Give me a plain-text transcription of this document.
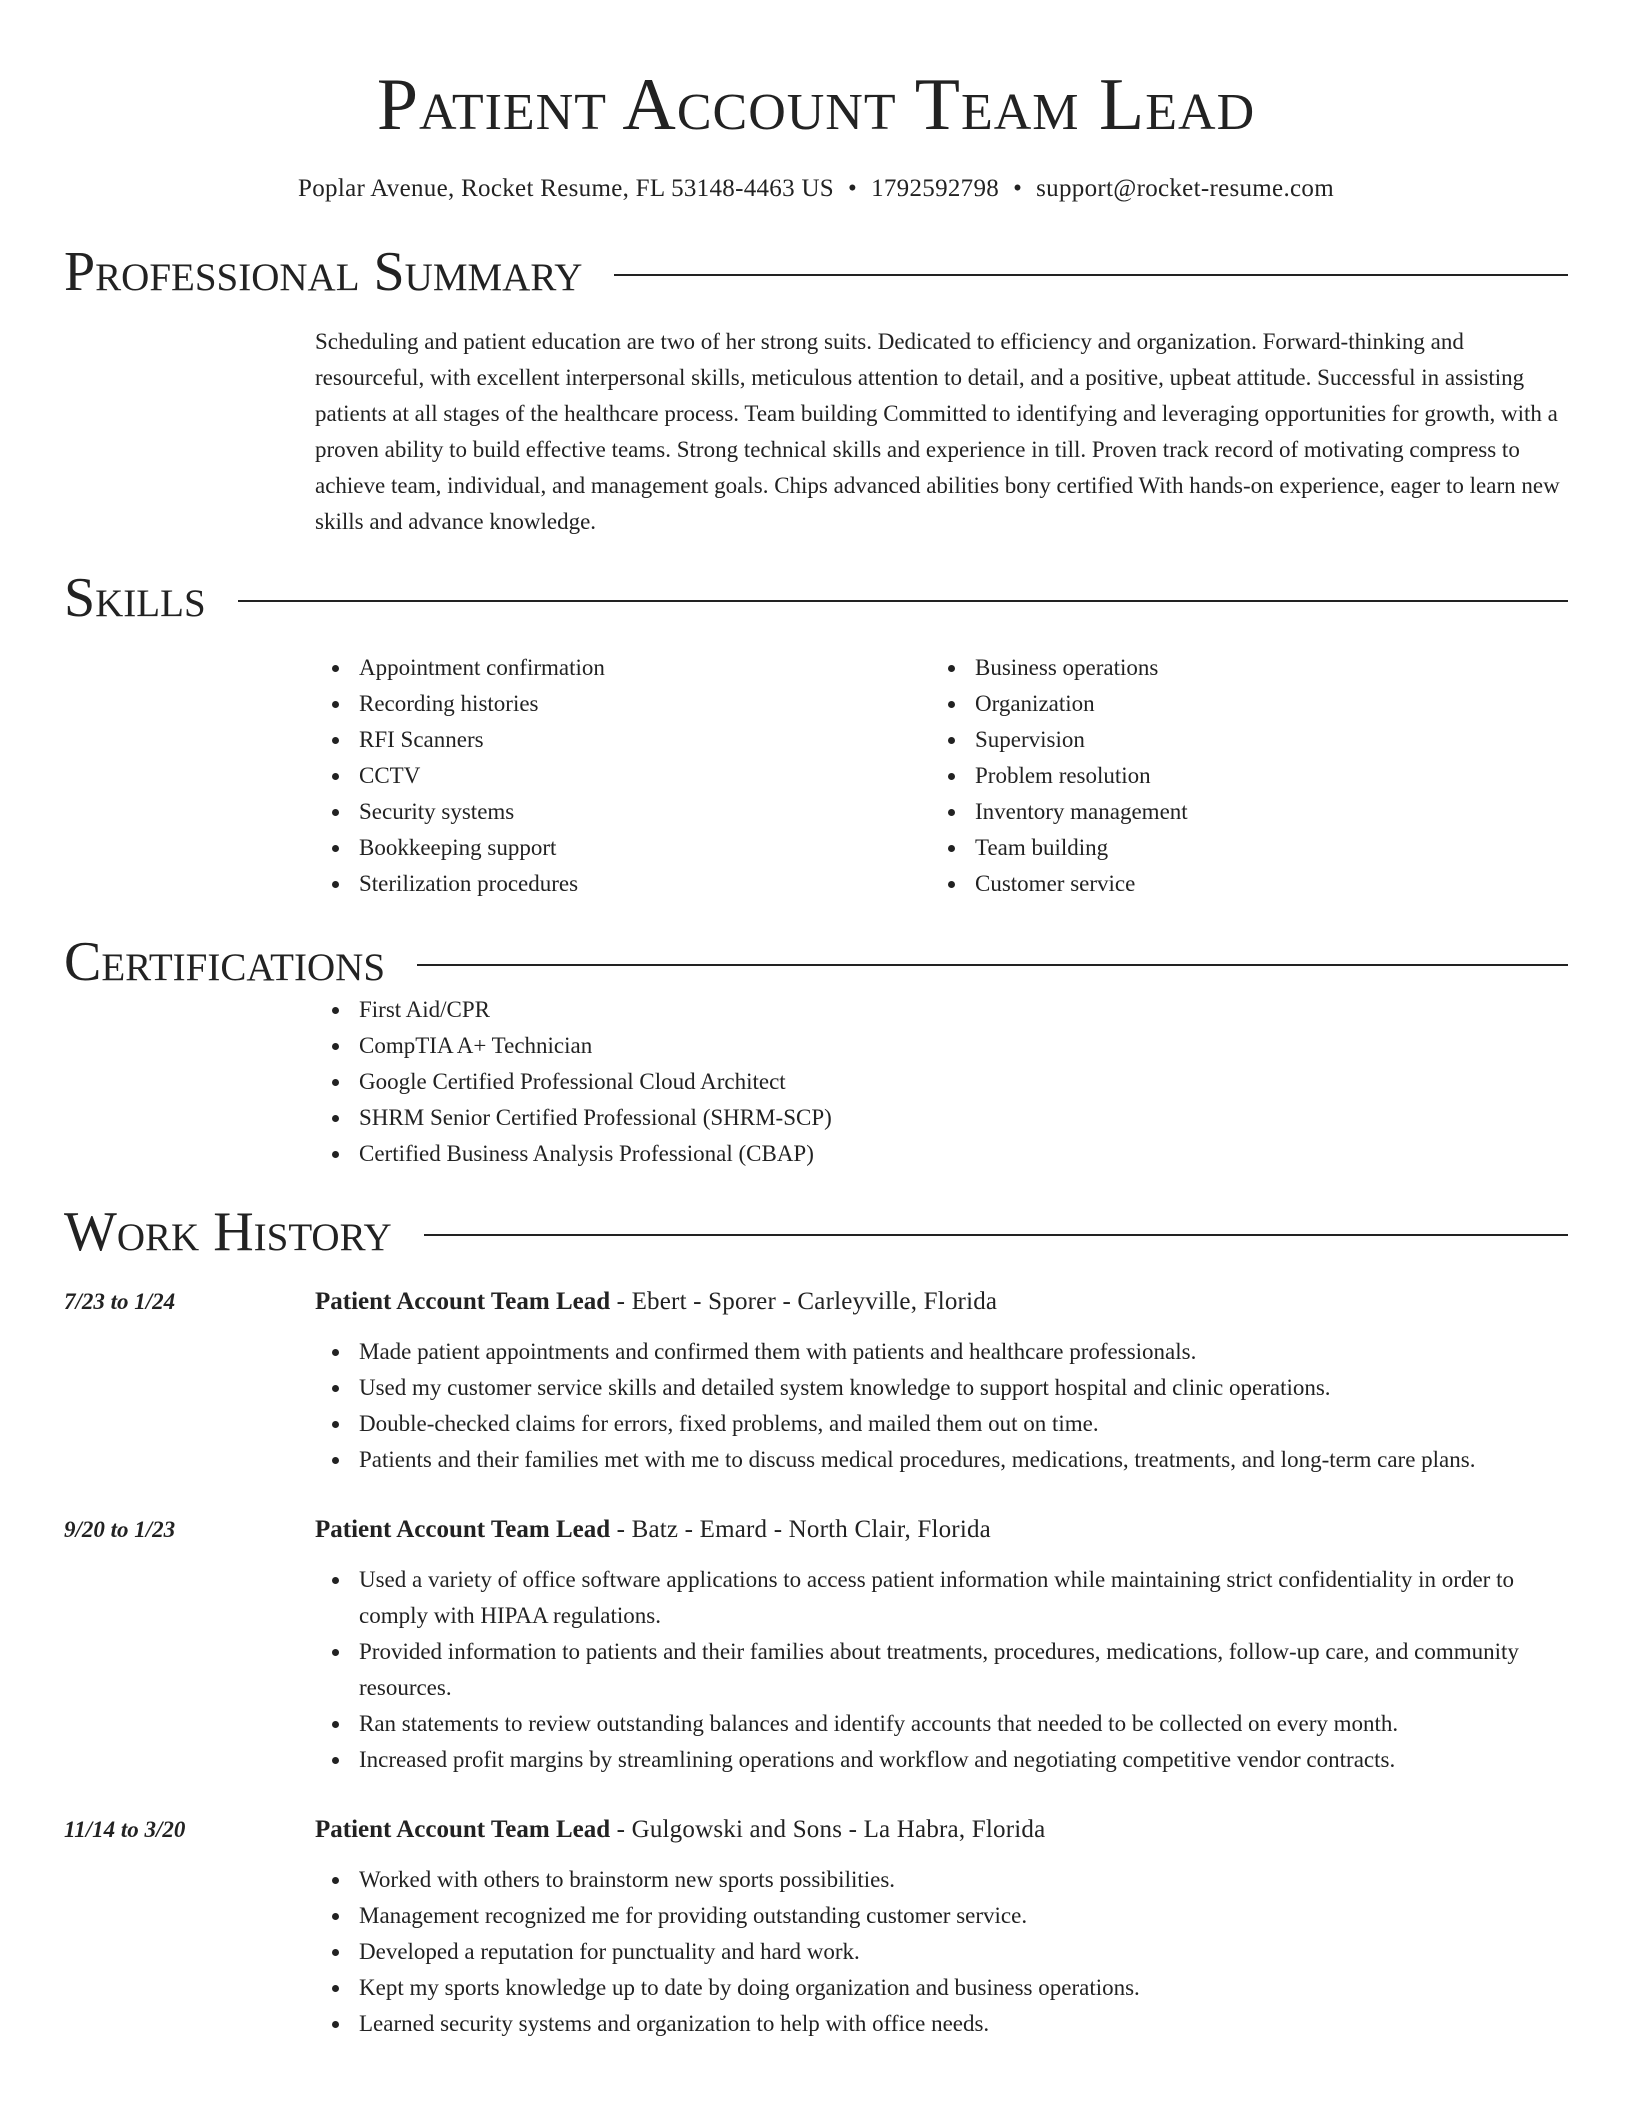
Patient Account Team Lead
Poplar Avenue, Rocket Resume, FL 53148-4463 US • 1792592798 • support@rocket-resume.com
Professional Summary

Scheduling and patient education are two of her strong suits. Dedicated to efficiency and organization. Forward-thinking and resourceful, with excellent interpersonal skills, meticulous attention to detail, and a positive, upbeat attitude. Successful in assisting patients at all stages of the healthcare process. Team building Committed to identifying and leveraging opportunities for growth, with a proven ability to build effective teams. Strong technical skills and experience in till. Proven track record of motivating compress to achieve team, individual, and management goals. Chips advanced abilities bony certified With hands-on experience, eager to learn new skills and advance knowledge.

Skills
Appointment confirmation
Recording histories
RFI Scanners
CCTV
Security systems
Bookkeeping support
Sterilization procedures
Business operations
Organization
Supervision
Problem resolution
Inventory management
Team building
Customer service
Certifications
First Aid/CPR
CompTIA A+ Technician
Google Certified Professional Cloud Architect
SHRM Senior Certified Professional (SHRM-SCP)
Certified Business Analysis Professional (CBAP)
Work History
7/23 to 1/24	Patient Account Team Lead - Ebert - Sporer - Carleyville, Florida
Made patient appointments and confirmed them with patients and healthcare professionals.
Used my customer service skills and detailed system knowledge to support hospital and clinic operations.
Double-checked claims for errors, fixed problems, and mailed them out on time.
Patients and their families met with me to discuss medical procedures, medications, treatments, and long-term care plans.
9/20 to 1/23	Patient Account Team Lead - Batz - Emard - North Clair, Florida
Used a variety of office software applications to access patient information while maintaining strict confidentiality in order to comply with HIPAA regulations.
Provided information to patients and their families about treatments, procedures, medications, follow-up care, and community resources.
Ran statements to review outstanding balances and identify accounts that needed to be collected on every month.
Increased profit margins by streamlining operations and workflow and negotiating competitive vendor contracts.
11/14 to 3/20	Patient Account Team Lead - Gulgowski and Sons - La Habra, Florida
Worked with others to brainstorm new sports possibilities.
Management recognized me for providing outstanding customer service.
Developed a reputation for punctuality and hard work.
Kept my sports knowledge up to date by doing organization and business operations.
Learned security systems and organization to help with office needs.
